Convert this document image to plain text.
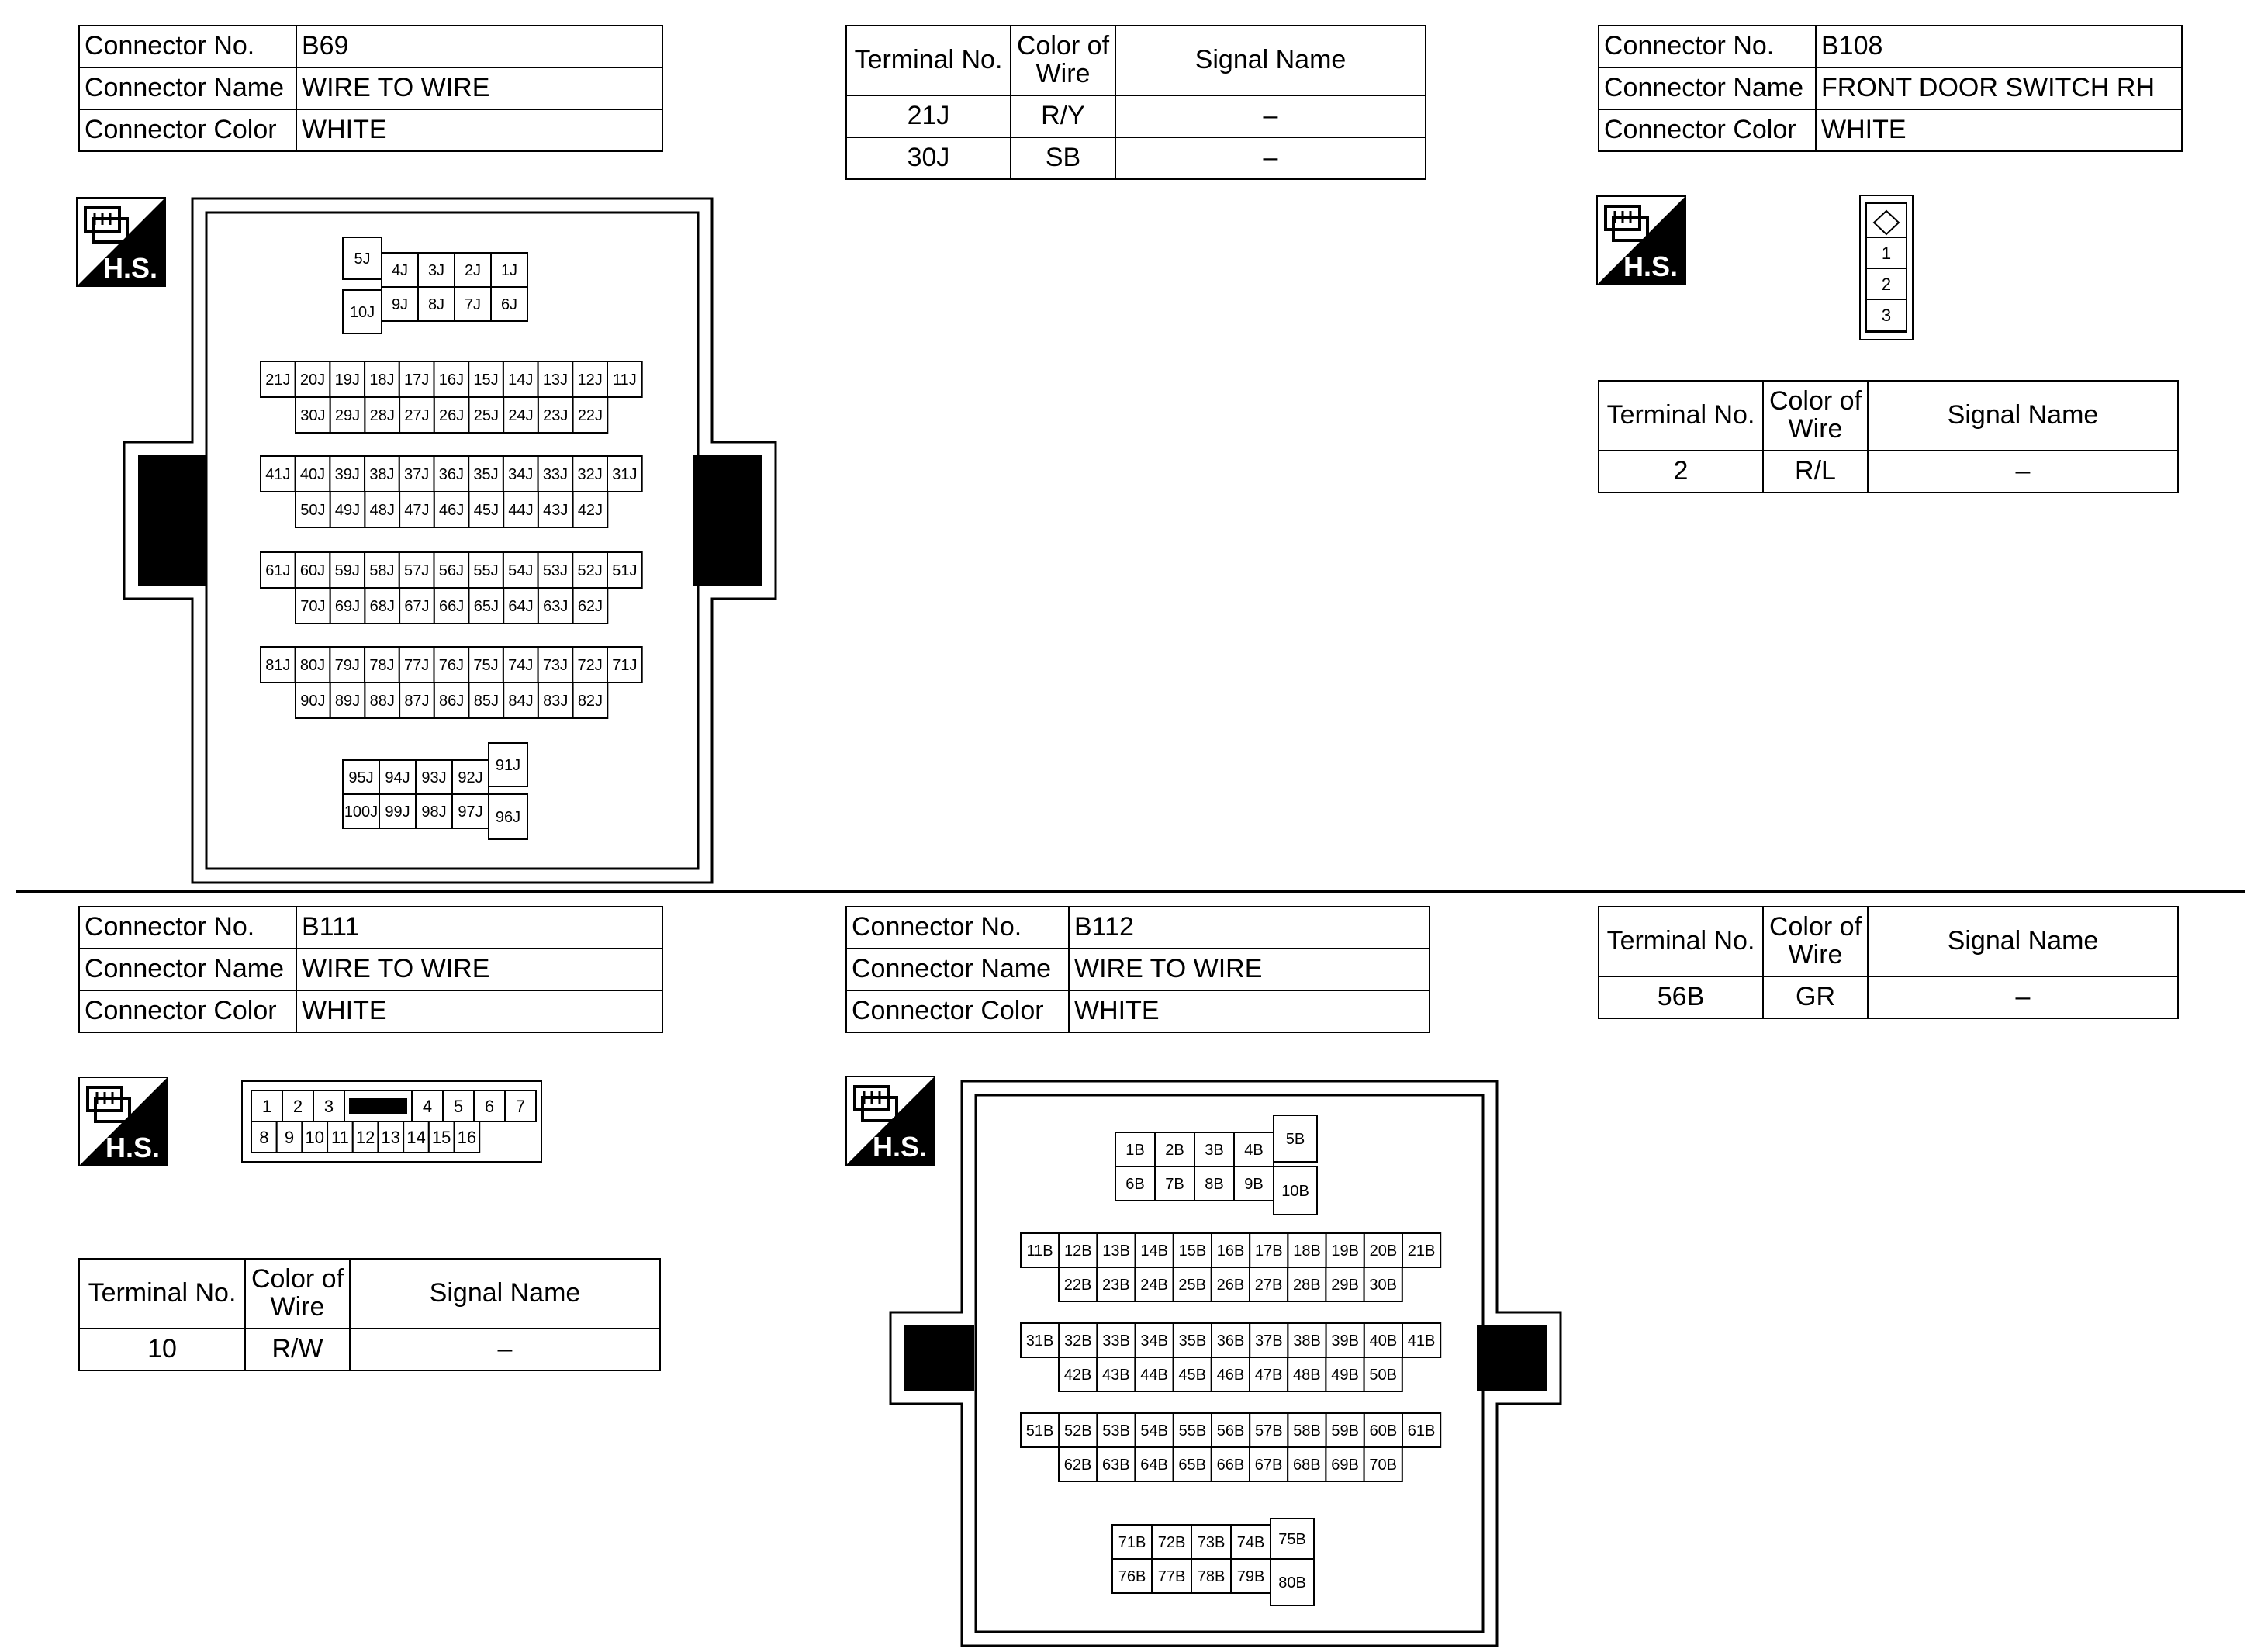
Connector No.	B69
Connector Name	WIRE TO WIRE
Connector Color	WHITE
Terminal No.	Color of Wire	Signal Name
21J	R/Y	–
30J	SB	–
Connector No.	B108
Connector Name	FRONT DOOR SWITCH RH
Connector Color	WHITE
Terminal No.	Color of Wire	Signal Name
2	R/L	–
Connector No.	B111
Connector Name	WIRE TO WIRE
Connector Color	WHITE
Terminal No.	Color of Wire	Signal Name
10	R/W	–
Connector No.	B112
Connector Name	WIRE TO WIRE
Connector Color	WHITE
Terminal No.	Color of Wire	Signal Name
56B	GR	–
H.S.	H.S.
H.S.	H.S.
5J
10J
4J 3J 2J 1J
9J 8J 7J 6J
21J 20J 19J 18J 17J 16J 15J 14J 13J 12J 11J
30J 29J 28J 27J 26J 25J 24J 23J 22J
41J 40J 39J 38J 37J 36J 35J 34J 33J 32J 31J
50J 49J 48J 47J 46J 45J 44J 43J 42J
61J 60J 59J 58J 57J 56J 55J 54J 53J 52J 51J
70J 69J 68J 67J 66J 65J 64J 63J 62J
81J 80J 79J 78J 77J 76J 75J 74J 73J 72J 71J
90J 89J 88J 87J 86J 85J 84J 83J 82J
95J 94J 93J 92J
100J 99J 98J 97J
91J
96J
1
2
3
1 2 3	4 5 6 7
8 9 10 11 12 13 14 15 16
1B 2B 3B 4B
6B 7B 8B 9B
5B
10B
11B 12B 13B 14B 15B 16B 17B 18B 19B 20B 21B
22B 23B 24B 25B 26B 27B 28B 29B 30B
31B 32B 33B 34B 35B 36B 37B 38B 39B 40B 41B
42B 43B 44B 45B 46B 47B 48B 49B 50B
51B 52B 53B 54B 55B 56B 57B 58B 59B 60B 61B
62B 63B 64B 65B 66B 67B 68B 69B 70B
71B 72B 73B 74B
76B 77B 78B 79B
75B
80B
